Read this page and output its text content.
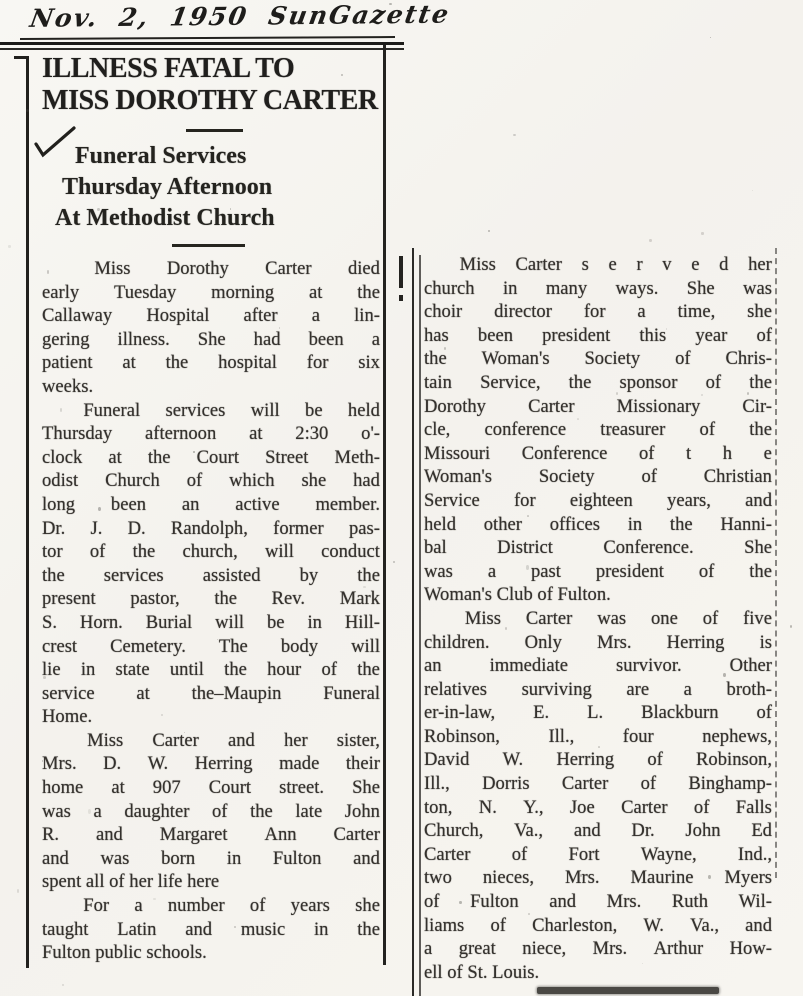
Nov. 2, 1950 SunGazette
ILLNESS FATAL TO
MISS DOROTHY CARTER
Funeral Services
Thursday Afternoon
At Methodist Church
Miss Dorothy Carter died
early Tuesday morning at the
Callaway Hospital after a lin-
gering illness. She had been a
patient at the hospital for six
weeks.
Funeral services will be held
Thursday afternoon at 2:30 o'-
clock at the Court Street Meth-
odist Church of which she had
long been an active member.
Dr. J. D. Randolph, former pas-
tor of the church, will conduct
the services assisted by the
present pastor, the Rev. Mark
S. Horn. Burial will be in Hill-
crest Cemetery. The body will
lie in state until the hour of the
service at the–Maupin Funeral
Home.
Miss Carter and her sister,
Mrs. D. W. Herring made their
home at 907 Court street. She
was a daughter of the late John
R. and Margaret Ann Carter
and was born in Fulton and
spent all of her life here
For a number of years she
taught Latin and music in the
Fulton public schools.
Miss Carter s e r v e d her
church in many ways. She was
choir director for a time, she
has been president this year of
the Woman's Society of Chris-
tain Service, the sponsor of the
Dorothy Carter Missionary Cir-
cle, conference treasurer of the
Missouri Conference of t h e
Woman's	Society	of	Christian
Service for eighteen years, and
held other offices in the Hanni-
bal	District	Conference.	She
was a past president of the
Woman's Club of Fulton.
Miss Carter was one of five
children. Only Mrs. Herring is
an	immediate	survivor.	Other
relatives surviving are a broth-
er-in-law, E. L. Blackburn of
Robinson,	Ill.,	four	nephews,
David W. Herring of Robinson,
Ill., Dorris Carter of Binghamp-
ton, N. Y., Joe Carter of Falls
Church, Va., and Dr. John Ed
Carter of Fort Wayne, Ind.,
two nieces, Mrs. Maurine Myers
of Fulton and Mrs. Ruth Wil-
liams of Charleston, W. Va., and
a great niece, Mrs. Arthur How-
ell of St. Louis.
